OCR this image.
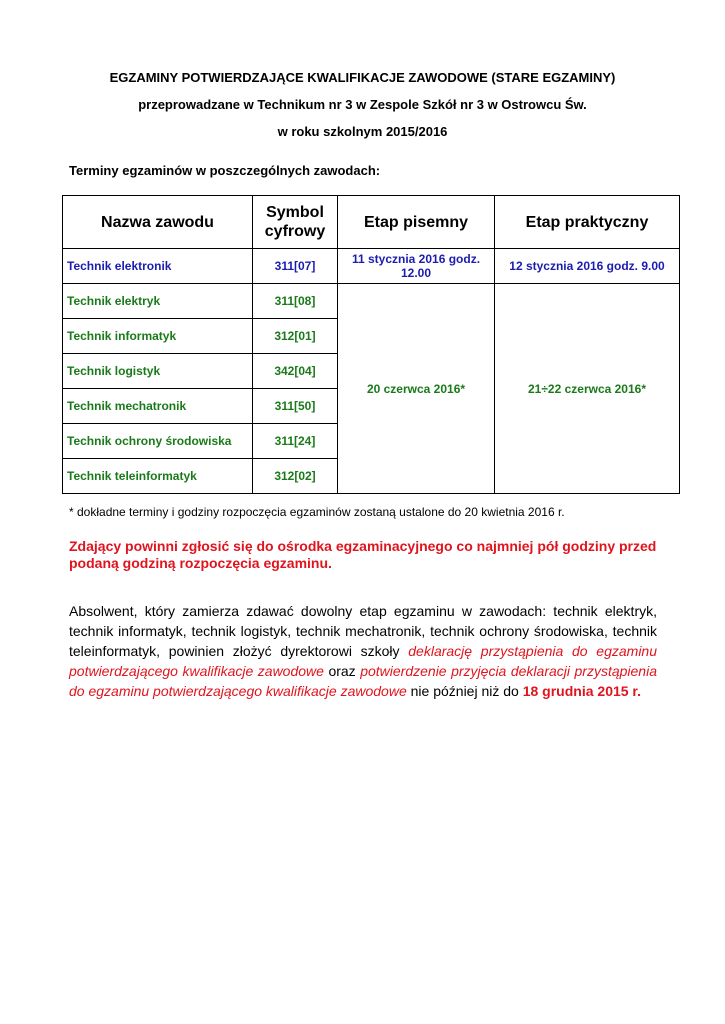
EGZAMINY POTWIERDZAJĄCE KWALIFIKACJE ZAWODOWE (STARE EGZAMINY)
przeprowadzane w Technikum nr 3 w Zespole Szkół nr 3 w Ostrowcu Św.
w roku szkolnym 2015/2016
Terminy egzaminów w poszczególnych zawodach:
Nazwa zawodu	Symbol cyfrowy	Etap pisemny	Etap praktyczny
Technik elektronik	311[07]	11 stycznia 2016 godz. 12.00	12 stycznia 2016 godz. 9.00
Technik elektryk	311[08]	20 czerwca 2016*	21÷22 czerwca 2016*
Technik informatyk	312[01]		
Technik logistyk	342[04]		
Technik mechatronik	311[50]		
Technik ochrony środowiska	311[24]		
Technik teleinformatyk	312[02]		
* dokładne terminy i godziny rozpoczęcia egzaminów zostaną ustalone do 20 kwietnia 2016 r.
Zdający powinni zgłosić się do ośrodka egzaminacyjnego co najmniej pół godziny przed podaną godziną rozpoczęcia egzaminu.
Absolwent, który zamierza zdawać dowolny etap egzaminu w zawodach: technik elektryk, technik informatyk, technik logistyk, technik mechatronik, technik ochrony środowiska, technik teleinformatyk, powinien złożyć dyrektorowi szkoły deklarację przystąpienia do egzaminu potwierdzającego kwalifikacje zawodowe oraz potwierdzenie przyjęcia deklaracji przystąpienia do egzaminu potwierdzającego kwalifikacje zawodowe nie później niż do 18 grudnia 2015 r.
